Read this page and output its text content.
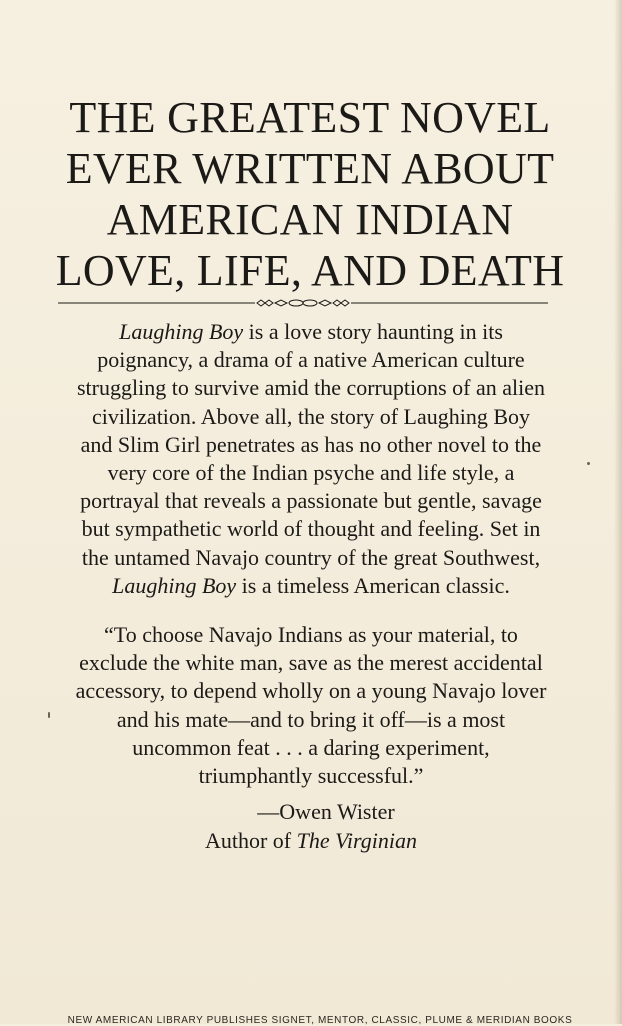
THE GREATEST NOVEL
EVER WRITTEN ABOUT
AMERICAN INDIAN
LOVE, LIFE, AND DEATH
Laughing Boy is a love story haunting in its
poignancy, a drama of a native American culture
struggling to survive amid the corruptions of an alien
civilization. Above all, the story of Laughing Boy
and Slim Girl penetrates as has no other novel to the
very core of the Indian psyche and life style, a
portrayal that reveals a passionate but gentle, savage
but sympathetic world of thought and feeling. Set in
the untamed Navajo country of the great Southwest,
Laughing Boy is a timeless American classic.
“To choose Navajo Indians as your material, to
exclude the white man, save as the merest accidental
accessory, to depend wholly on a young Navajo lover
and his mate—and to bring it off—is a most
uncommon feat . . . a daring experiment,
triumphantly successful.”
—Owen Wister
Author of The Virginian
NEW AMERICAN LIBRARY PUBLISHES SIGNET, MENTOR, CLASSIC, PLUME & MERIDIAN BOOKS
